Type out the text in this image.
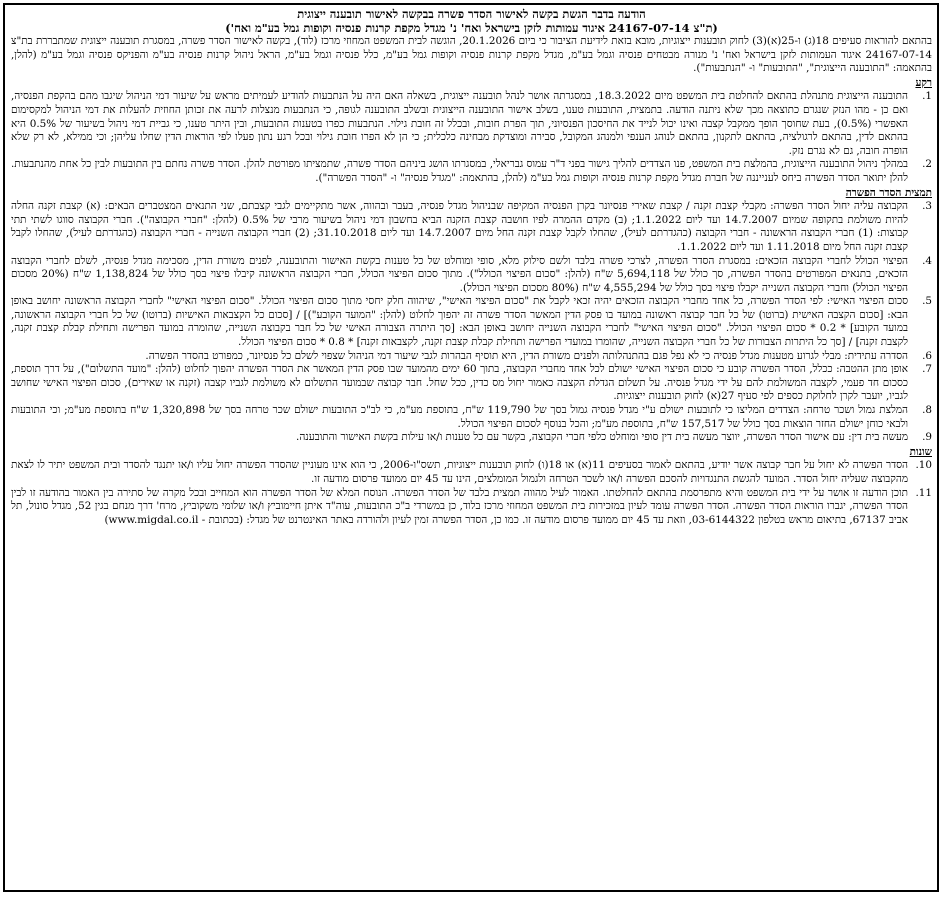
הודעה בדבר הגשת בקשה לאישור הסדר פשרה בבקשה לאישור תובענה ייצוגית
(ת"צ 24167-07-14 איגוד עמותות לזקן בישראל ואח' נ' מגדל מקפת קרנות פנסיה וקופות גמל בע"מ ואח')
בהתאם להוראות סעיפים 18(ג) ו-25(א)(3) לחוק תובענות ייצוגיות, מובא בזאת לידיעת הציבור כי ביום 20.1.2026, הוגשה לבית המשפט המחוזי מרכז (לוד), בקשה לאישור הסדר פשרה, במסגרת תובענה ייצוגית שמתבררת בת"צ 24167-07-14 איגוד העמותות לזקן בישראל ואח' נ' מנורה מבטחים פנסיה וגמל בע"מ, מגדל מקפת קרנות פנסיה וקופות גמל בע"מ, כלל פנסיה וגמל בע"מ, הראל ניהול קרנות פנסיה בע"מ והפניקס פנסיה וגמל בע"מ (להלן, בהתאמה: "התובענה הייצוגית", "התובעות" ו- "הנתבעות").
רקע
1.
התובענה הייצוגית מתנהלת בהתאם להחלטת בית המשפט מיום 18.3.2022, במסגרתה אושר לנהל תובענה ייצוגית, בשאלה האם היה על הנתבעות להודיע לעמיתים מראש על שיעור דמי הניהול שיגבו מהם בהקפת הפנסיה, ואם כן - מהו הנזק שנגרם כתוצאה מכך שלא ניתנה הודעה. בתמצית, התובעות טענו, בשלב אישור התובענה הייצוגית ובשלב התובענה לגופה, כי הנתבעות מנצלות לרעה את זכותן החוזית להעלות את דמי הניהול למקסימום האפשרי (0.5%), בעת שחוסך הופך ממקבל קצבה ואינו יכול לנייד את החיסכון הפנסיוני, תוך הפרת חובות, ובכלל זה חובת גילוי. הנתבעות כפרו בטענות התובעות, ובין היתר טענו, כי גביית דמי ניהול בשיעור של 0.5% היא בהתאם לדין, בהתאם לרגולציה, בהתאם לתקנון, בהתאם לנוהג הענפי ולמנהג המקובל, סבירה ומוצדקת מבחינה כלכלית; כי הן לא הפרו חובת גילוי ובכל רגע נתון פעלו לפי הוראות הדין שחלו עליהן; וכי ממילא, לא רק שלא הופרה חובה, גם לא נגרם נזק.
2.
במהלך ניהול התובענה הייצוגית, בהמלצת בית המשפט, פנו הצדדים להליך גישור בפני ד"ר עמוס גבריאלי, במסגרתו הושג ביניהם הסדר פשרה, שתמציתו מפורטת להלן. הסדר פשרה נחתם בין התובעות לבין כל אחת מהנתבעות. להלן יתואר הסדר הפשרה ביחס לענייננה של חברת מגדל מקפת קרנות פנסיה וקופות גמל בע"מ (להלן, בהתאמה: "מגדל פנסיה" ו- "הסדר הפשרה").
תמצית הסדר הפשרה
3.
הקבוצה עליה יחול הסדר הפשרה: מקבלי קצבת זקנה / קצבת שאירי פנסיונר בקרן הפנסיה המקיפה שבניהול מגדל פנסיה, בעבר ובהווה, אשר מתקיימים לגבי קצבתם, שני התנאים המצטברים הבאים: (א) קצבת זקנה החלה להיות משולמת בתקופה שמיום 14.7.2007 ועד ליום 1.1.2022; (ב) מקדם ההמרה לפיו חושבה קצבת הזקנה הביא בחשבון דמי ניהול בשיעור מרבי של 0.5% (להלן: "חברי הקבוצה"). חברי הקבוצה סווגו לשתי תתי קבוצות: (1) חברי הקבוצה הראשונה - חברי הקבוצה (כהגדרתם לעיל), שהחלו לקבל קצבת זקנה החל מיום 14.7.2007 ועד ליום 31.10.2018; (2) חברי הקבוצה השנייה - חברי הקבוצה (כהגדרתם לעיל), שהחלו לקבל קצבת זקנה החל מיום 1.11.2018 ועד ליום 1.1.2022.
4.
הפיצוי הכולל לחברי הקבוצה הזכאים: במסגרת הסדר הפשרה, לצרכי פשרה בלבד ולשם סילוק מלא, סופי ומוחלט של כל טענות בקשת האישור והתובענה, לפנים משורת הדין, מסכימה מגדל פנסיה, לשלם לחברי הקבוצה הזכאים, בתנאים המפורטים בהסדר הפשרה, סך כולל של 5,694,118 ש"ח (להלן: "סכום הפיצוי הכולל"). מתוך סכום הפיצוי הכולל, חברי הקבוצה הראשונה קיבלו פיצוי בסך כולל של 1,138,824 ש"ח (20% מסכום הפיצוי הכולל) וחברי הקבוצה השנייה יקבלו פיצוי בסך כולל של 4,555,294 ש"ח (80% מסכום הפיצוי הכולל).
5.
סכום הפיצוי האישי: לפי הסדר הפשרה, כל אחד מחברי הקבוצה הזכאים יהיה זכאי לקבל את "סכום הפיצוי האישי", שיהווה חלק יחסי מתוך סכום הפיצוי הכולל. "סכום הפיצוי האישי" לחברי הקבוצה הראשונה יחושב באופן הבא: [סכום הקצבה האישית (ברוטו) של כל חבר קבוצה ראשונה במועד בו פסק הדין המאשר הסדר פשרה זה יהפוך לחלוט (להלן: "המועד הקובע")] / [סכום כל הקצבאות האישיות (ברוטו) של כל חברי הקבוצה הראשונה, במועד הקובע] * 0.2 * סכום הפיצוי הכולל. "סכום הפיצוי האישי" לחברי הקבוצה השנייה יחושב באופן הבא: [סך היתרה הצבורה האישי של כל חבר בקבוצה השנייה, שהומרה במועד הפרישה ותחילת קבלת קצבת זקנה, לקצבת זקנה] / [סך כל היתרות הצבורות של כל חברי הקבוצה השנייה, שהומרו במועדי הפרישה ותחילת קבלת קצבת זקנה, לקצבאות זקנה] * 0.8 * סכום הפיצוי הכולל.
6.
הסדרה עתידית: מבלי לגרוע מטענות מגדל פנסיה כי לא נפל פגם בהתנהלותה ולפנים משורת הדין, היא תוסיף הבהרות לגבי שיעור דמי הניהול שצפוי לשלם כל פנסיונר, כמפורט בהסדר הפשרה.
7.
אופן מתן ההטבה: ככלל, הסדר הפשרה קובע כי סכום הפיצוי האישי ישולם לכל אחד מחברי הקבוצה, בתוך 60 ימים מהמועד שבו פסק הדין המאשר את הסדר הפשרה יהפוך לחלוט (להלן: "מועד התשלום"), על דרך תוספת, כסכום חד פעמי, לקצבה המשולמת להם על ידי מגדל פנסיה. על תשלום הגדלת הקצבה כאמור יחול מס כדין, ככל שחל. חבר קבוצה שבמועד התשלום לא משולמת לגביו קצבה (זקנה או שאירים), סכום הפיצוי האישי שחושב לגביו, יועבר לקרן לחלוקת כספים לפי סעיף 27(א) לחוק תובענות ייצוגיות.
8.
המלצת גמול ושכר טרחה: הצדדים המליצו כי לתובעות ישולם ע"י מגדל פנסיה גמול בסך של 119,790 ש"ח, בתוספת מע"מ, כי לב"כ התובעות ישולם שכר טרחה בסך של 1,320,898 ש"ח בתוספת מע"מ; וכי התובעות ולבאי כוחן ישולם החזר הוצאות בסך כולל של 157,517 ש"ח, בתוספת מע"מ; והכל בנוסף לסכום הפיצוי הכולל.
9.
מעשה בית דין: עם אישור הסדר הפשרה, יווצר מעשה בית דין סופי ומוחלט כלפי חברי הקבוצה, בקשר עם כל טענות ו/או עילות בקשת האישור והתובענה.
שונות
10.
הסדר הפשרה לא יחול על חבר קבוצה אשר יודיע, בהתאם לאמור בסעיפים 11(א) או 18(ו) לחוק תובענות ייצוגיות, תשס"ו-2006, כי הוא אינו מעוניין שהסדר הפשרה יחול עליו ו/או יתנגד להסדר ובית המשפט יתיר לו לצאת מהקבוצה שעליה יחול הסדר. המועד להגשת התנגדויות להסכם הפשרה ו/או לשכר הטרחה ולגמול המומלצים, הינו עד 45 יום ממועד פרסום מודעה זו.
11.
תוכן הודעה זו אושר על ידי בית המשפט והיא מתפרסמת בהתאם להחלטתו. האמור לעיל מהווה תמצית בלבד של הסדר הפשרה. הנוסח המלא של הסדר הפשרה הוא המחייב ובכל מקרה של סתירה בין האמור בהודעה זו לבין הסדר הפשרה, יגברו הוראות הסדר הפשרה. הסדר הפשרה עומד לעיון במזכירות בית המשפט המחוזי מרכז בלוד, כן במשרדי ב"כ התובעות, עוה"ד איתן חיימוביץ ו/או שלומי משקוביץ, מרח' דרך מנחם בגין 52, מגדל סונול, תל אביב 67137, בתיאום מראש בטלפון 03-6144322, וזאת עד 45 יום ממועד פרסום מודעה זו. כמו כן, הסדר הפשרה זמין לעיון ולהורדה באתר האינטרנט של מגדל: (בכתובת - www.migdal.co.il)
